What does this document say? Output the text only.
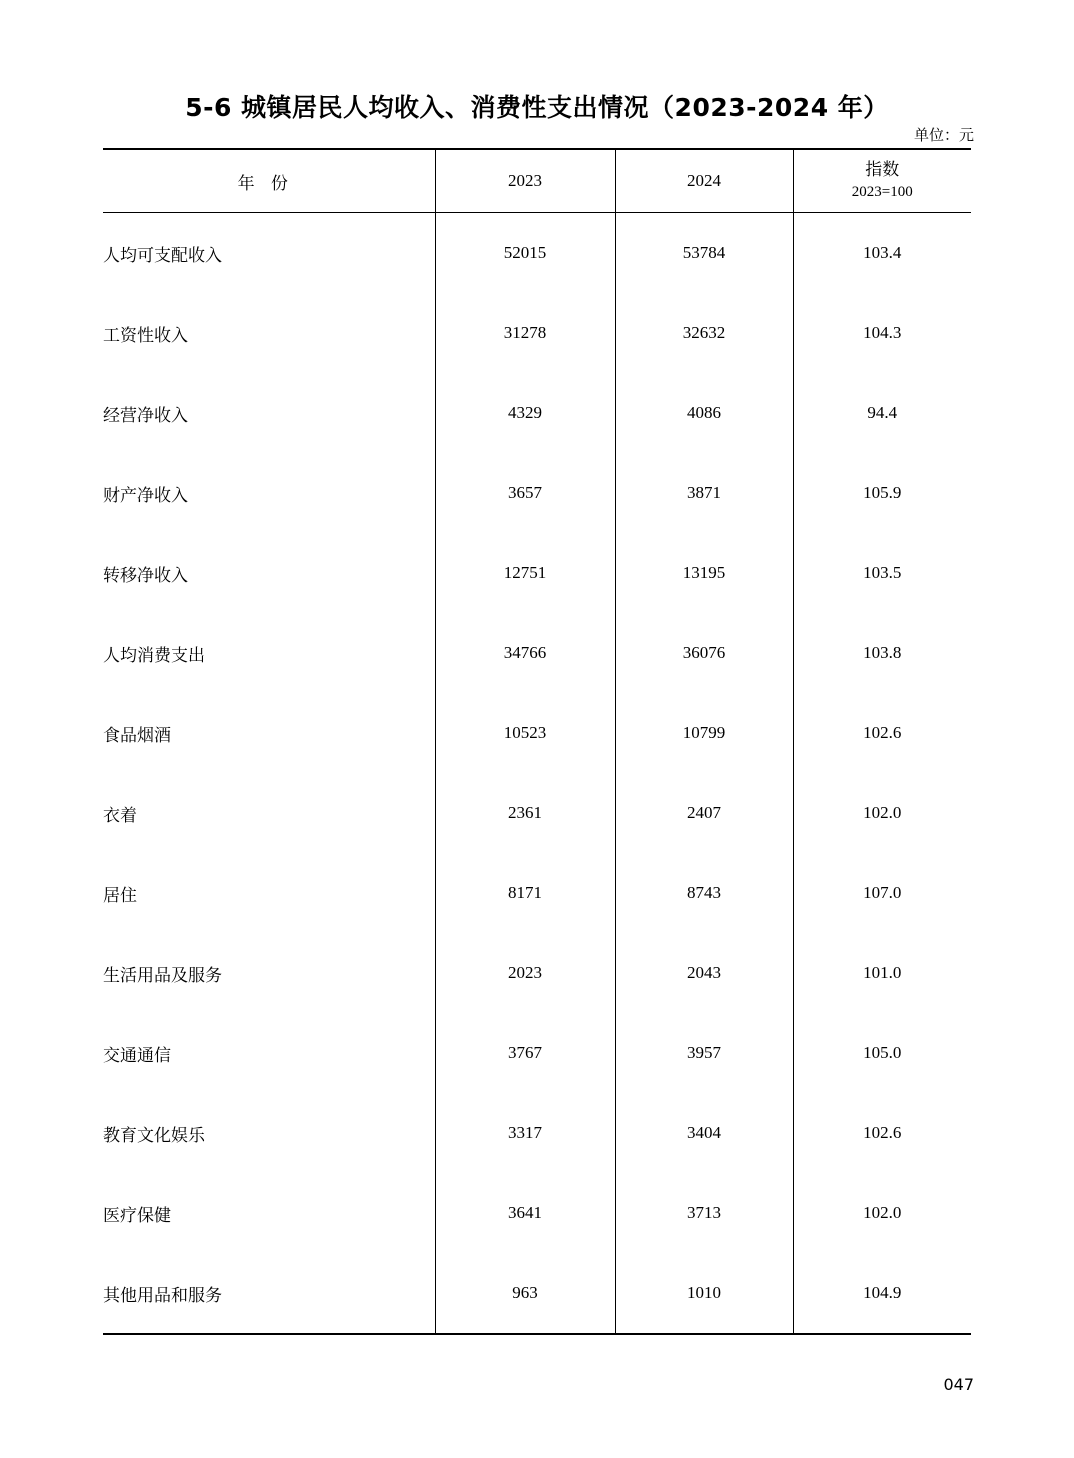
5-6 城镇居民人均收入、消费性支出情况（2023-2024 年）
单位：元
年 份	2023	2024	指数
2023=100

人均可支配收入	52015	53784	103.4
工资性收入	31278	32632	104.3
经营净收入	4329	4086	94.4
财产净收入	3657	3871	105.9
转移净收入	12751	13195	103.5
人均消费支出	34766	36076	103.8
食品烟酒	10523	10799	102.6
衣着	2361	2407	102.0
居住	8171	8743	107.0
生活用品及服务	2023	2043	101.0
交通通信	3767	3957	105.0
教育文化娱乐	3317	3404	102.6
医疗保健	3641	3713	102.0
其他用品和服务	963	1010	104.9

047
